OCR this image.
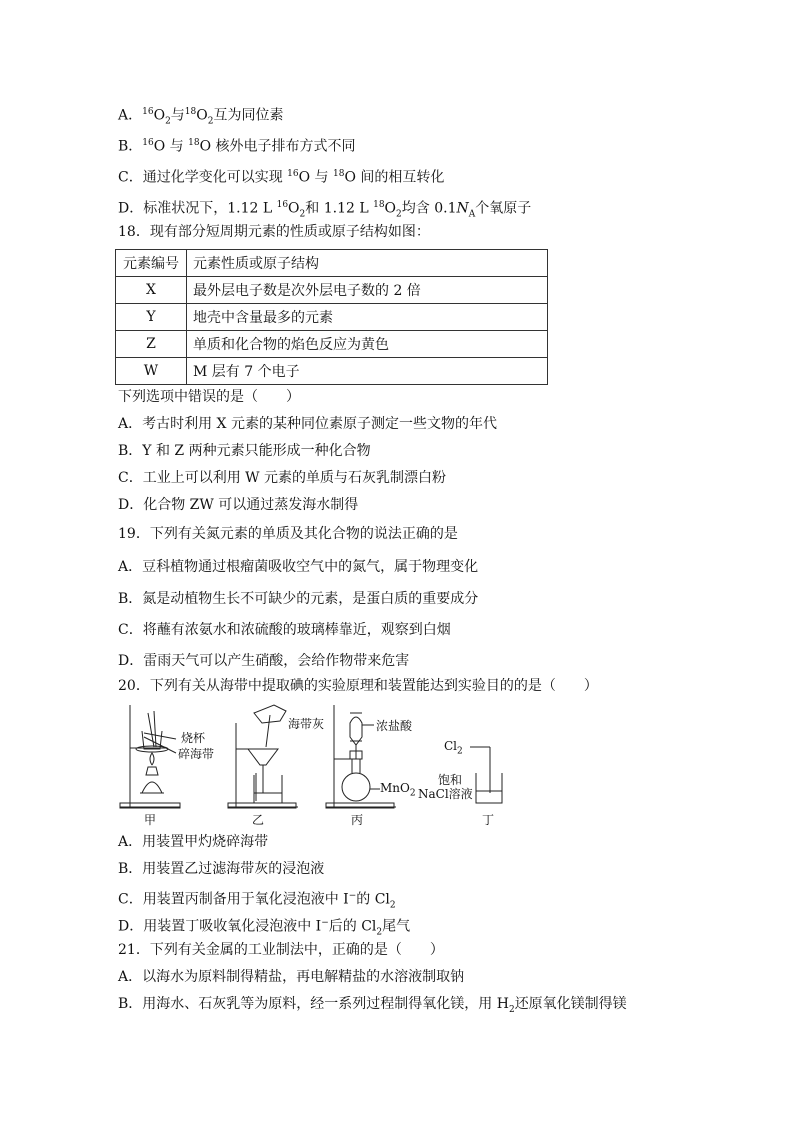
A．$^{16}O_2$与$^{18}O_2$互为同位素
B．$^{16}$O 与 $^{18}$O 核外电子排布方式不同
C．通过化学变化可以实现 $^{16}$O 与 $^{18}$O 间的相互转化
D．标准状况下，1.12 L $^{16}O_2$和 1.12 L $^{18}O_2$均含 $0.1N_A$个氧原子
18．现有部分短周期元素的性质或原子结构如图：
元素编号	元素性质或原子结构
X	最外层电子数是次外层电子数的 2 倍
Y	地壳中含量最多的元素
Z	单质和化合物的焰色反应为黄色
W	M 层有 7 个电子
下列选项中错误的是（　　）
A．考古时利用 X 元素的某种同位素原子测定一些文物的年代
B．Y 和 Z 两种元素只能形成一种化合物
C．工业上可以利用 W 元素的单质与石灰乳制漂白粉
D．化合物 ZW 可以通过蒸发海水制得
19．下列有关氮元素的单质及其化合物的说法正确的是
A．豆科植物通过根瘤菌吸收空气中的氮气，属于物理变化
B．氮是动植物生长不可缺少的元素，是蛋白质的重要成分
C．将蘸有浓氨水和浓硫酸的玻璃棒靠近，观察到白烟
D．雷雨天气可以产生硝酸，会给作物带来危害
20．下列有关从海带中提取碘的实验原理和装置能达到实验目的的是（　　）
烧杯
碎海带
海带灰	浓盐酸
MnO$_2$
$Cl_2$
饱和
NaCl溶液
甲	乙	丙	丁
A．用装置甲灼烧碎海带
B．用装置乙过滤海带灰的浸泡液
C．用装置丙制备用于氧化浸泡液中 I−的 $Cl_2$
D．用装置丁吸收氧化浸泡液中 I−后的 $Cl_2$尾气
21．下列有关金属的工业制法中，正确的是（　　）
A．以海水为原料制得精盐，再电解精盐的水溶液制取钠
B．用海水、石灰乳等为原料，经一系列过程制得氧化镁，用 $H_2$还原氧化镁制得镁
